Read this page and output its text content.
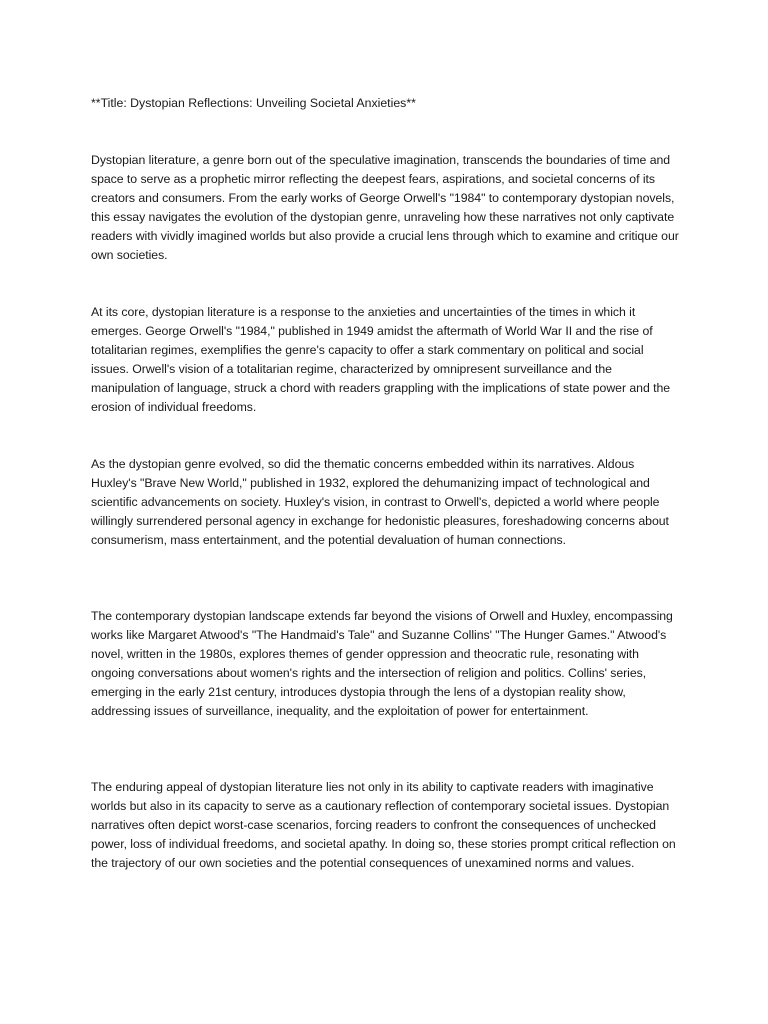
**Title: Dystopian Reflections: Unveiling Societal Anxieties**

Dystopian literature, a genre born out of the speculative imagination, transcends the boundaries of time and space to serve as a prophetic mirror reflecting the deepest fears, aspirations, and societal concerns of its creators and consumers. From the early works of George Orwell's "1984" to contemporary dystopian novels, this essay navigates the evolution of the dystopian genre, unraveling how these narratives not only captivate readers with vividly imagined worlds but also provide a crucial lens through which to examine and critique our own societies.

At its core, dystopian literature is a response to the anxieties and uncertainties of the times in which it emerges. George Orwell's "1984," published in 1949 amidst the aftermath of World War II and the rise of totalitarian regimes, exemplifies the genre's capacity to offer a stark commentary on political and social issues. Orwell's vision of a totalitarian regime, characterized by omnipresent surveillance and the manipulation of language, struck a chord with readers grappling with the implications of state power and the erosion of individual freedoms.

As the dystopian genre evolved, so did the thematic concerns embedded within its narratives. Aldous Huxley's "Brave New World," published in 1932, explored the dehumanizing impact of technological and scientific advancements on society. Huxley's vision, in contrast to Orwell's, depicted a world where people willingly surrendered personal agency in exchange for hedonistic pleasures, foreshadowing concerns about consumerism, mass entertainment, and the potential devaluation of human connections.

The contemporary dystopian landscape extends far beyond the visions of Orwell and Huxley, encompassing works like Margaret Atwood's "The Handmaid's Tale" and Suzanne Collins' "The Hunger Games." Atwood's novel, written in the 1980s, explores themes of gender oppression and theocratic rule, resonating with ongoing conversations about women's rights and the intersection of religion and politics. Collins' series, emerging in the early 21st century, introduces dystopia through the lens of a dystopian reality show, addressing issues of surveillance, inequality, and the exploitation of power for entertainment.

The enduring appeal of dystopian literature lies not only in its ability to captivate readers with imaginative worlds but also in its capacity to serve as a cautionary reflection of contemporary societal issues. Dystopian narratives often depict worst-case scenarios, forcing readers to confront the consequences of unchecked power, loss of individual freedoms, and societal apathy. In doing so, these stories prompt critical reflection on the trajectory of our own societies and the potential consequences of unexamined norms and values.
